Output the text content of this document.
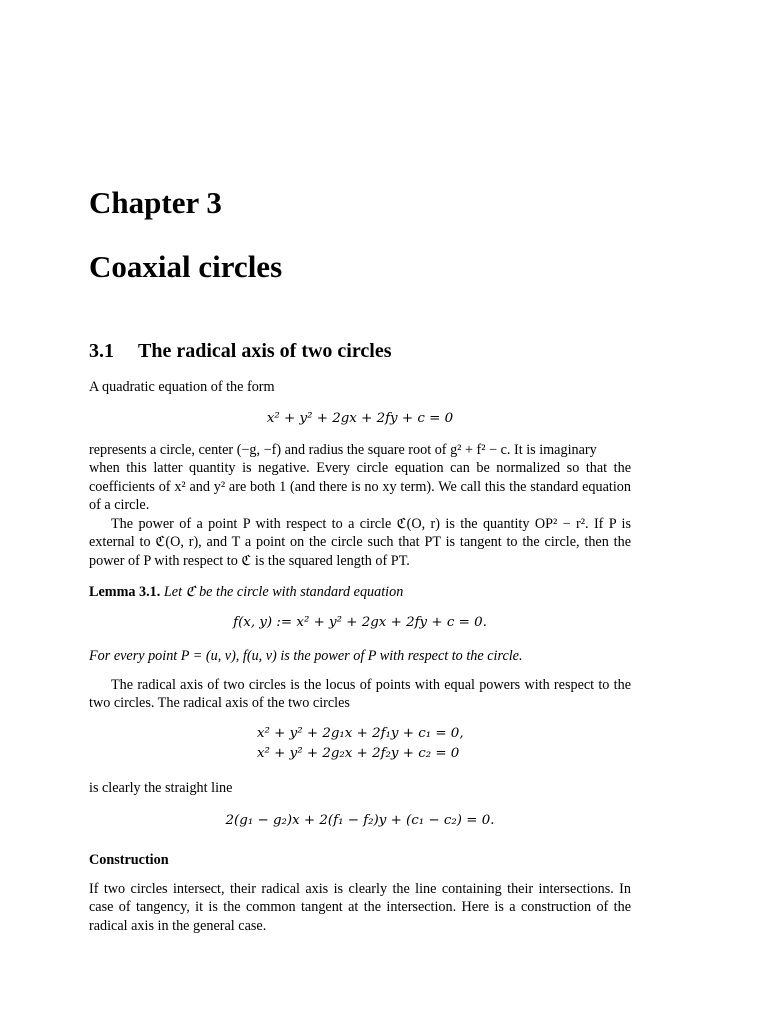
Chapter 3
Coaxial circles
3.1 The radical axis of two circles
A quadratic equation of the form
x² + y² + 2gx + 2fy + c = 0
represents a circle, center (−g, −f) and radius the square root of g² + f² − c. It is imaginary
when this latter quantity is negative. Every circle equation can be normalized so that the coefficients of x² and y² are both 1 (and there is no xy term). We call this the standard equation of a circle.
The power of a point P with respect to a circle ℭ(O, r) is the quantity OP² − r². If P is external to ℭ(O, r), and T a point on the circle such that PT is tangent to the circle, then the power of P with respect to ℭ is the squared length of PT.
Lemma 3.1. Let ℭ be the circle with standard equation
f(x, y) := x² + y² + 2gx + 2fy + c = 0.
For every point P = (u, v), f(u, v) is the power of P with respect to the circle.
The radical axis of two circles is the locus of points with equal powers with respect to the two circles. The radical axis of the two circles
x² + y² + 2g₁x + 2f₁y + c₁ = 0,
x² + y² + 2g₂x + 2f₂y + c₂ = 0
is clearly the straight line
2(g₁ − g₂)x + 2(f₁ − f₂)y + (c₁ − c₂) = 0.
Construction
If two circles intersect, their radical axis is clearly the line containing their intersections. In case of tangency, it is the common tangent at the intersection. Here is a construction of the radical axis in the general case.
